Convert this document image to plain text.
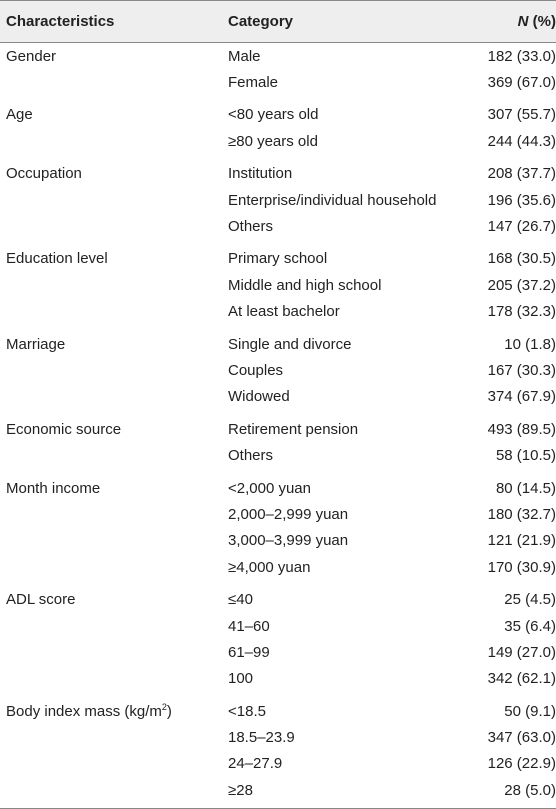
Characteristics	Category	N (%)
Gender	Male	182 (33.0)
	Female	369 (67.0)
Age	<80 years old	307 (55.7)
	≥80 years old	244 (44.3)
Occupation	Institution	208 (37.7)
	Enterprise/individual household	196 (35.6)
	Others	147 (26.7)
Education level	Primary school	168 (30.5)
	Middle and high school	205 (37.2)
	At least bachelor	178 (32.3)
Marriage	Single and divorce	10 (1.8)
	Couples	167 (30.3)
	Widowed	374 (67.9)
Economic source	Retirement pension	493 (89.5)
	Others	58 (10.5)
Month income	<2,000 yuan	80 (14.5)
	2,000–2,999 yuan	180 (32.7)
	3,000–3,999 yuan	121 (21.9)
	≥4,000 yuan	170 (30.9)
ADL score	≤40	25 (4.5)
	41–60	35 (6.4)
	61–99	149 (27.0)
	100	342 (62.1)
Body index mass $(kg/m^2)$	<18.5	50 (9.1)
	18.5–23.9	347 (63.0)
	24–27.9	126 (22.9)
	≥28	28 (5.0)
